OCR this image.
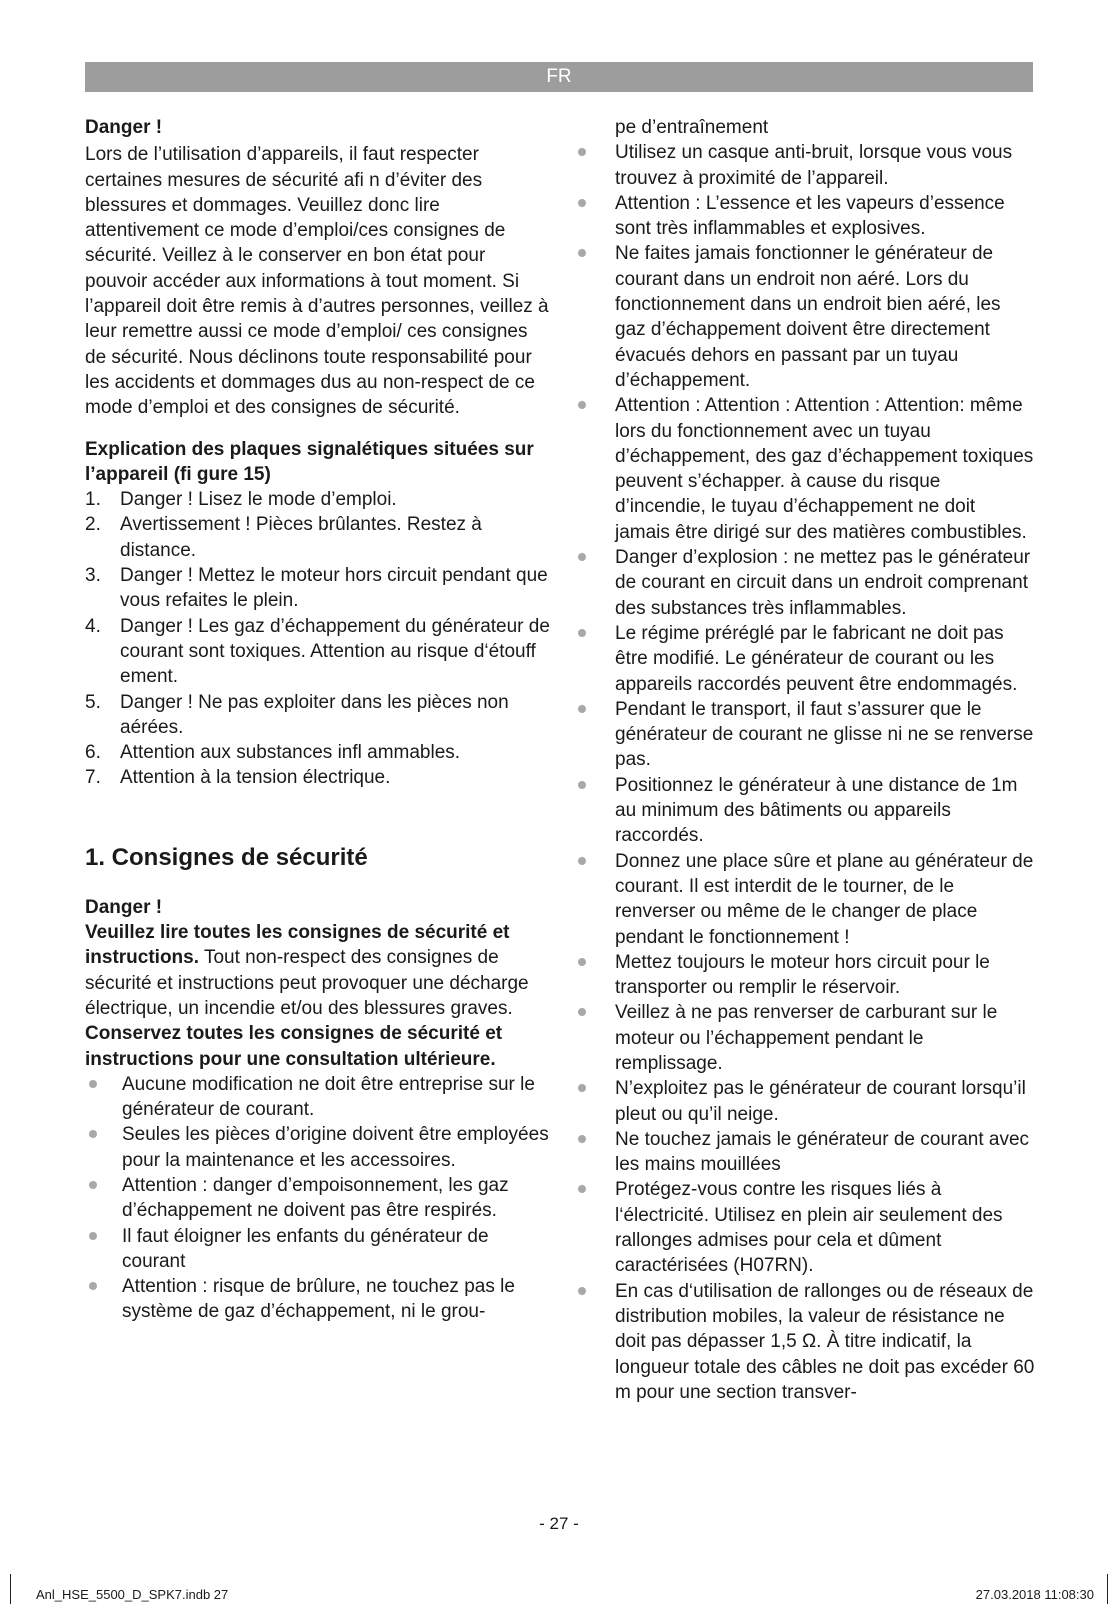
FR

Danger !

Lors de l’utilisation d’appareils, il faut respecter certaines mesures de sécurité afi n d’éviter des blessures et dommages. Veuillez donc lire attentivement ce mode d’emploi/ces consignes de sécurité. Veillez à le conserver en bon état pour pouvoir accéder aux informations à tout moment. Si l’appareil doit être remis à d’autres personnes, veillez à leur remettre aussi ce mode d’emploi/ ces consignes de sécurité. Nous déclinons toute responsabilité pour les accidents et dommages dus au non-respect de ce mode d’emploi et des consignes de sécurité.

Explication des plaques signalétiques situées sur l’appareil (fi gure 15)

1. Danger ! Lisez le mode d’emploi.
2. Avertissement ! Pièces brûlantes. Restez à distance.
3. Danger ! Mettez le moteur hors circuit pendant que vous refaites le plein.
4. Danger ! Les gaz d’échappement du générateur de courant sont toxiques. Attention au risque d‘étouff ement.
5. Danger ! Ne pas exploiter dans les pièces non aérées.
6. Attention aux substances infl ammables.
7. Attention à la tension électrique.

1. Consignes de sécurité

Danger !

Veuillez lire toutes les consignes de sécurité et instructions. Tout non-respect des consignes de sécurité et instructions peut provoquer une décharge électrique, un incendie et/ou des blessures graves.

Conservez toutes les consignes de sécurité et instructions pour une consultation ultérieure.

Aucune modification ne doit être entreprise sur le générateur de courant.
Seules les pièces d’origine doivent être employées pour la maintenance et les accessoires.
Attention : danger d’empoisonnement, les gaz d’échappement ne doivent pas être respirés.
Il faut éloigner les enfants du générateur de courant
Attention : risque de brûlure, ne touchez pas le système de gaz d’échappement, ni le grou-

pe d’entraînement

Utilisez un casque anti-bruit, lorsque vous vous trouvez à proximité de l’appareil.
Attention : L’essence et les vapeurs d’essence sont très inflammables et explosives.
Ne faites jamais fonctionner le générateur de courant dans un endroit non aéré. Lors du fonctionnement dans un endroit bien aéré, les gaz d’échappement doivent être directement évacués dehors en passant par un tuyau d’échappement.
Attention : Attention : Attention : Attention: même lors du fonctionnement avec un tuyau d’échappement, des gaz d’échappement toxiques peuvent s’échapper. à cause du risque d’incendie, le tuyau d’échappement ne doit jamais être dirigé sur des matières combustibles.
Danger d’explosion : ne mettez pas le générateur de courant en circuit dans un endroit comprenant des substances très inflammables.
Le régime préréglé par le fabricant ne doit pas être modifié. Le générateur de courant ou les appareils raccordés peuvent être endommagés.
Pendant le transport, il faut s’assurer que le générateur de courant ne glisse ni ne se renverse pas.
Positionnez le générateur à une distance de 1m au minimum des bâtiments ou appareils raccordés.
Donnez une place sûre et plane au générateur de courant. Il est interdit de le tourner, de le renverser ou même de le changer de place pendant le fonctionnement !
Mettez toujours le moteur hors circuit pour le transporter ou remplir le réservoir.
Veillez à ne pas renverser de carburant sur le moteur ou l’échappement pendant le remplissage.
N’exploitez pas le générateur de courant lorsqu’il pleut ou qu’il neige.
Ne touchez jamais le générateur de courant avec les mains mouillées
Protégez-vous contre les risques liés à l‘électricité. Utilisez en plein air seulement des rallonges admises pour cela et dûment caractérisées (H07RN).
En cas d‘utilisation de rallonges ou de réseaux de distribution mobiles, la valeur de résistance ne doit pas dépasser 1,5 Ω. À titre indicatif, la longueur totale des câbles ne doit pas excéder 60 m pour une section transver-
- 27 -
Anl_HSE_5500_D_SPK7.indb 27	27.03.2018 11:08:30
